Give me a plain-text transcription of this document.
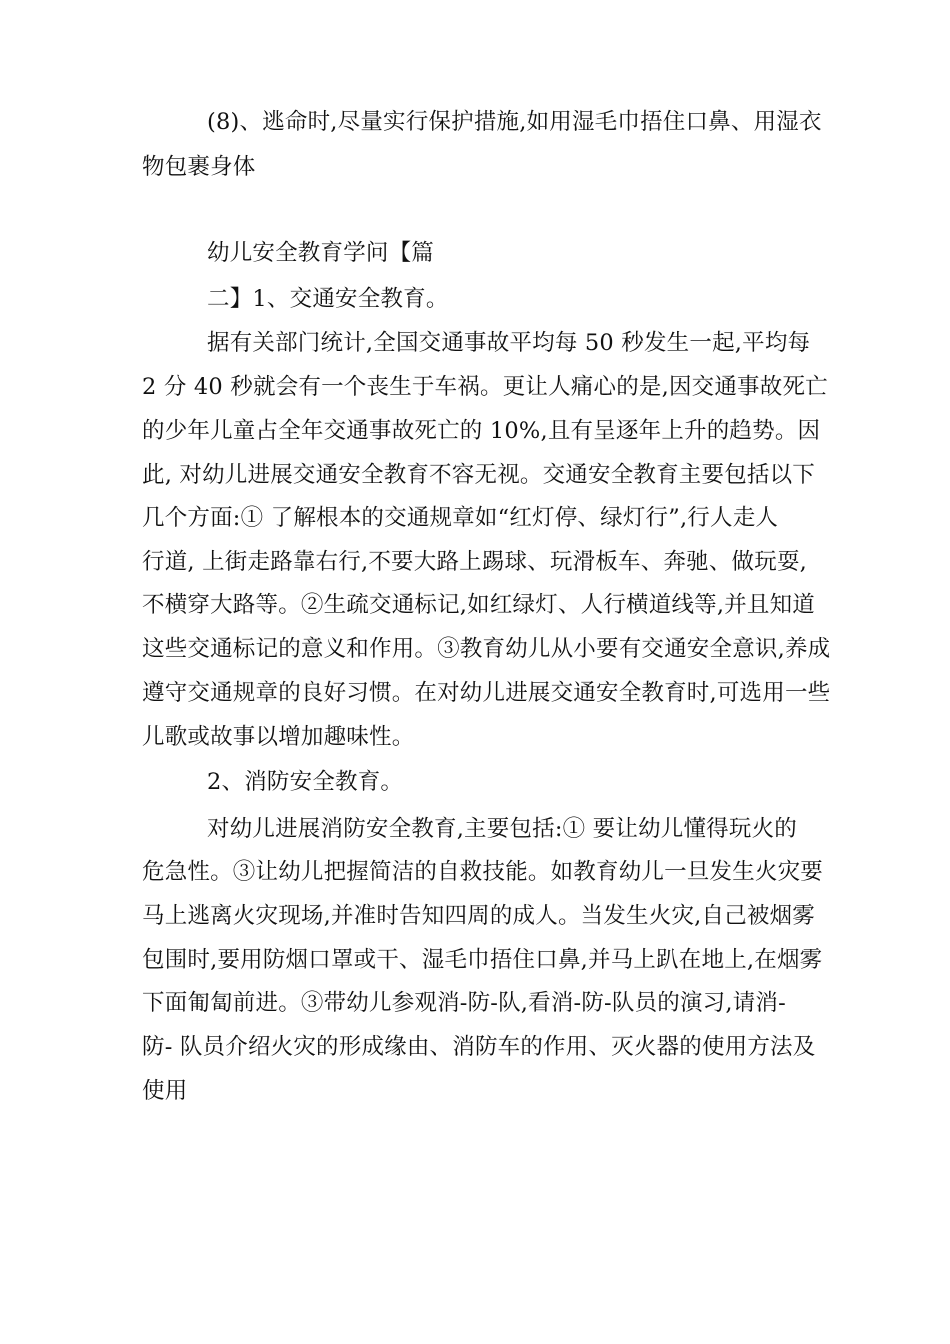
(8)、逃命时,尽量实行保护措施,如用湿毛巾捂住口鼻、用湿衣
物包裹身体
幼儿安全教育学问【篇
二】1、交通安全教育。
据有关部门统计,全国交通事故平均每 50 秒发生一起,平均每
2 分 40 秒就会有一个丧生于车祸。更让人痛心的是,因交通事故死亡
的少年儿童占全年交通事故死亡的 10%,且有呈逐年上升的趋势。因
此, 对幼儿进展交通安全教育不容无视。交通安全教育主要包括以下
几个方面:① 了解根本的交通规章如“红灯停、绿灯行”,行人走人
行道, 上街走路靠右行,不要大路上踢球、玩滑板车、奔驰、做玩耍,
不横穿大路等。②生疏交通标记,如红绿灯、人行横道线等,并且知道
这些交通标记的意义和作用。③教育幼儿从小要有交通安全意识,养成
遵守交通规章的良好习惯。在对幼儿进展交通安全教育时,可选用一些
儿歌或故事以增加趣味性。
2、消防安全教育。
对幼儿进展消防安全教育,主要包括:① 要让幼儿懂得玩火的
危急性。③让幼儿把握简洁的自救技能。如教育幼儿一旦发生火灾要
马上逃离火灾现场,并准时告知四周的成人。当发生火灾,自己被烟雾
包围时,要用防烟口罩或干、湿毛巾捂住口鼻,并马上趴在地上,在烟雾
下面匍匐前进。③带幼儿参观消-防-队,看消-防-队员的演习,请消-
防- 队员介绍火灾的形成缘由、消防车的作用、灭火器的使用方法及
使用
